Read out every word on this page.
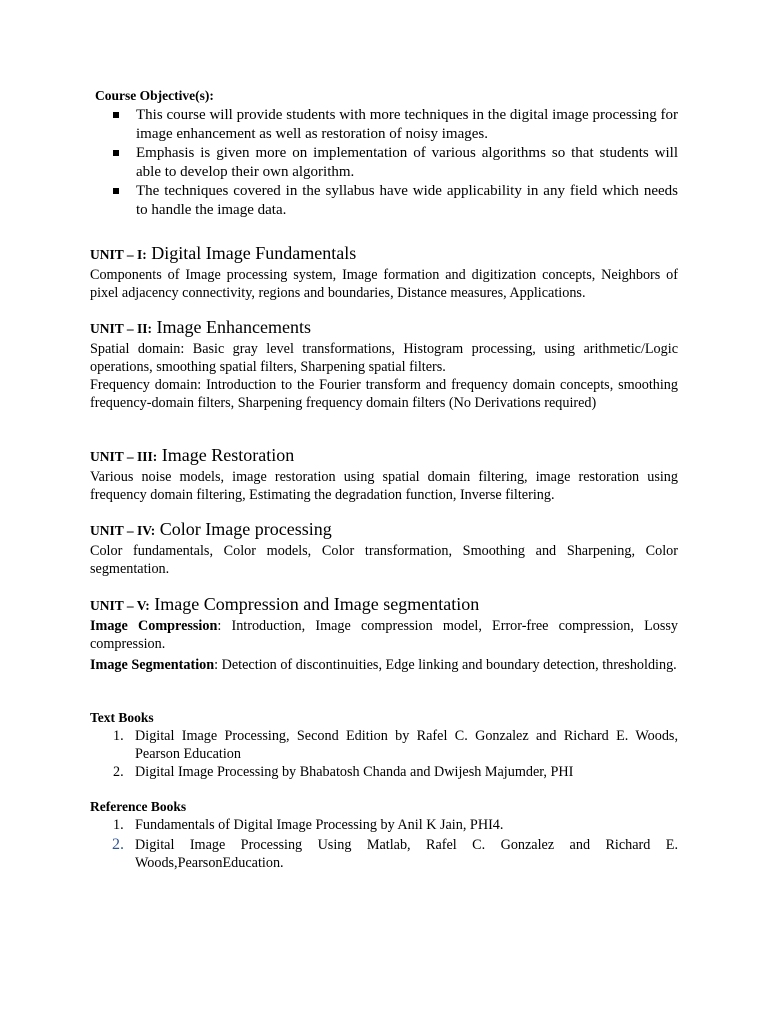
Course Objective(s):
This course will provide students with more techniques in the digital image processing for image enhancement as well as restoration of noisy images.
Emphasis is given more on implementation of various algorithms so that students will able to develop their own algorithm.
The techniques covered in the syllabus have wide applicability in any field which needs to handle the image data.
UNIT – I: Digital Image Fundamentals

Components of Image processing system, Image formation and digitization concepts, Neighbors of pixel adjacency connectivity, regions and boundaries, Distance measures, Applications.

UNIT – II: Image Enhancements

Spatial domain: Basic gray level transformations, Histogram processing, using arithmetic/Logic operations, smoothing spatial filters, Sharpening spatial filters.

Frequency domain: Introduction to the Fourier transform and frequency domain concepts, smoothing frequency-domain filters, Sharpening frequency domain filters (No Derivations required)

UNIT – III: Image Restoration

Various noise models, image restoration using spatial domain filtering, image restoration using frequency domain filtering, Estimating the degradation function, Inverse filtering.

UNIT – IV: Color Image processing

Color fundamentals, Color models, Color transformation, Smoothing and Sharpening, Color segmentation.

UNIT – V: Image Compression and Image segmentation

Image Compression: Introduction, Image compression model, Error-free compression, Lossy compression.

Image Segmentation: Detection of discontinuities, Edge linking and boundary detection, thresholding.

Text Books
1. Digital Image Processing, Second Edition by Rafel C. Gonzalez and Richard E. Woods, Pearson Education
2. Digital Image Processing by Bhabatosh Chanda and Dwijesh Majumder, PHI
Reference Books
1. Fundamentals of Digital Image Processing by Anil K Jain, PHI4.
2. Digital Image Processing Using Matlab, Rafel C. Gonzalez and Richard E. Woods,PearsonEducation.
